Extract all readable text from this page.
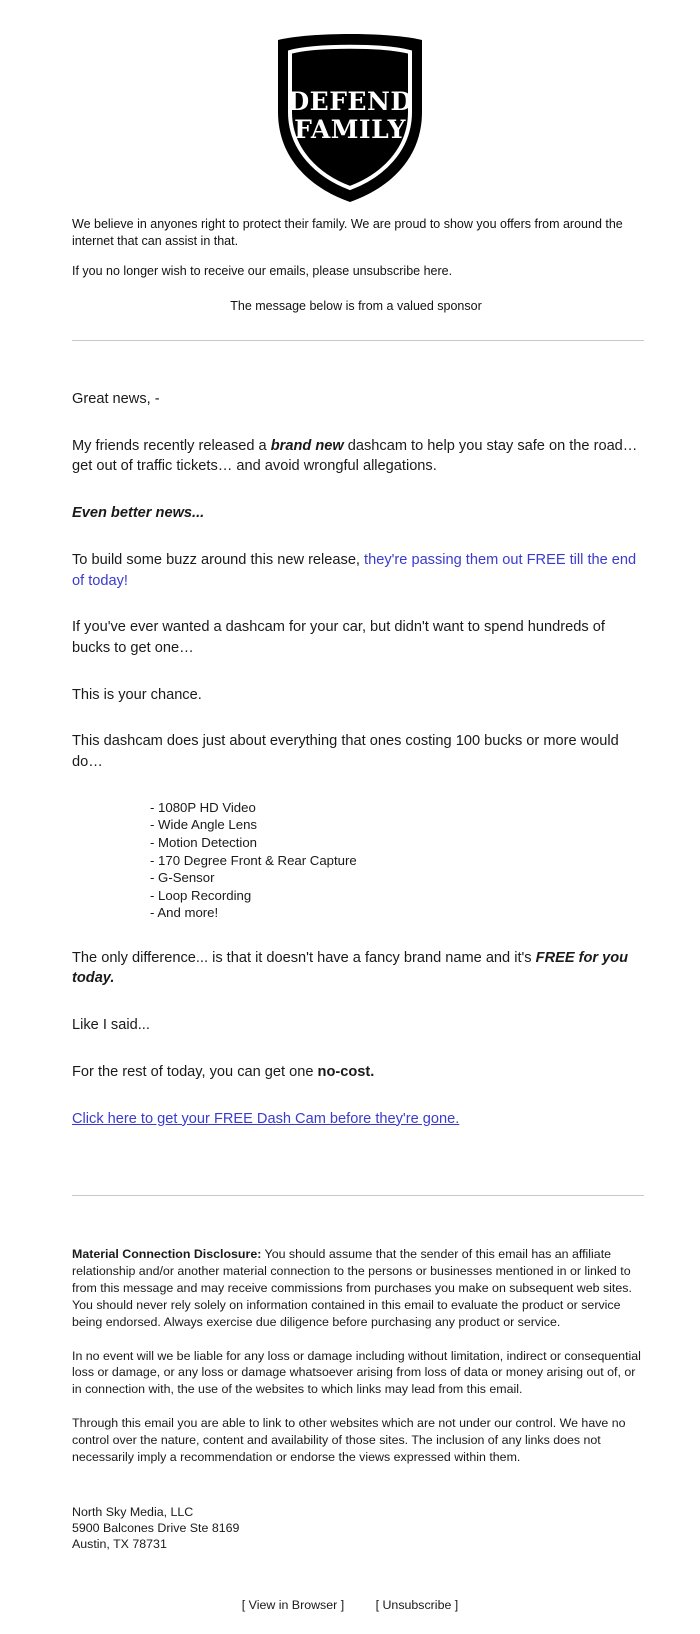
DEFEND
FAMILY

We believe in anyones right to protect their family. We are proud to show you offers from around the internet that can assist in that.

If you no longer wish to receive our emails, please unsubscribe here.

The message below is from a valued sponsor

Great news, -

My friends recently released a brand new dashcam to help you stay safe on the road… get out of traffic tickets… and avoid wrongful allegations.

Even better news...

To build some buzz around this new release, they're passing them out FREE till the end of today!

If you've ever wanted a dashcam for your car, but didn't want to spend hundreds of bucks to get one…

This is your chance.

This dashcam does just about everything that ones costing 100 bucks or more would do…

- 1080P HD Video
- Wide Angle Lens
- Motion Detection
- 170 Degree Front & Rear Capture
- G-Sensor
- Loop Recording
- And more!

The only difference... is that it doesn't have a fancy brand name and it's FREE for you today.

Like I said...

For the rest of today, you can get one no-cost.

Click here to get your FREE Dash Cam before they're gone.

Material Connection Disclosure: You should assume that the sender of this email has an affiliate relationship and/or another material connection to the persons or businesses mentioned in or linked to from this message and may receive commissions from purchases you make on subsequent web sites. You should never rely solely on information contained in this email to evaluate the product or service being endorsed. Always exercise due diligence before purchasing any product or service.

In no event will we be liable for any loss or damage including without limitation, indirect or consequential loss or damage, or any loss or damage whatsoever arising from loss of data or money arising out of, or in connection with, the use of the websites to which links may lead from this email.

Through this email you are able to link to other websites which are not under our control. We have no control over the nature, content and availability of those sites. The inclusion of any links does not necessarily imply a recommendation or endorse the views expressed within them.

North Sky Media, LLC
5900 Balcones Drive Ste 8169
Austin, TX 78731
[ View in Browser ]	[ Unsubscribe ]
